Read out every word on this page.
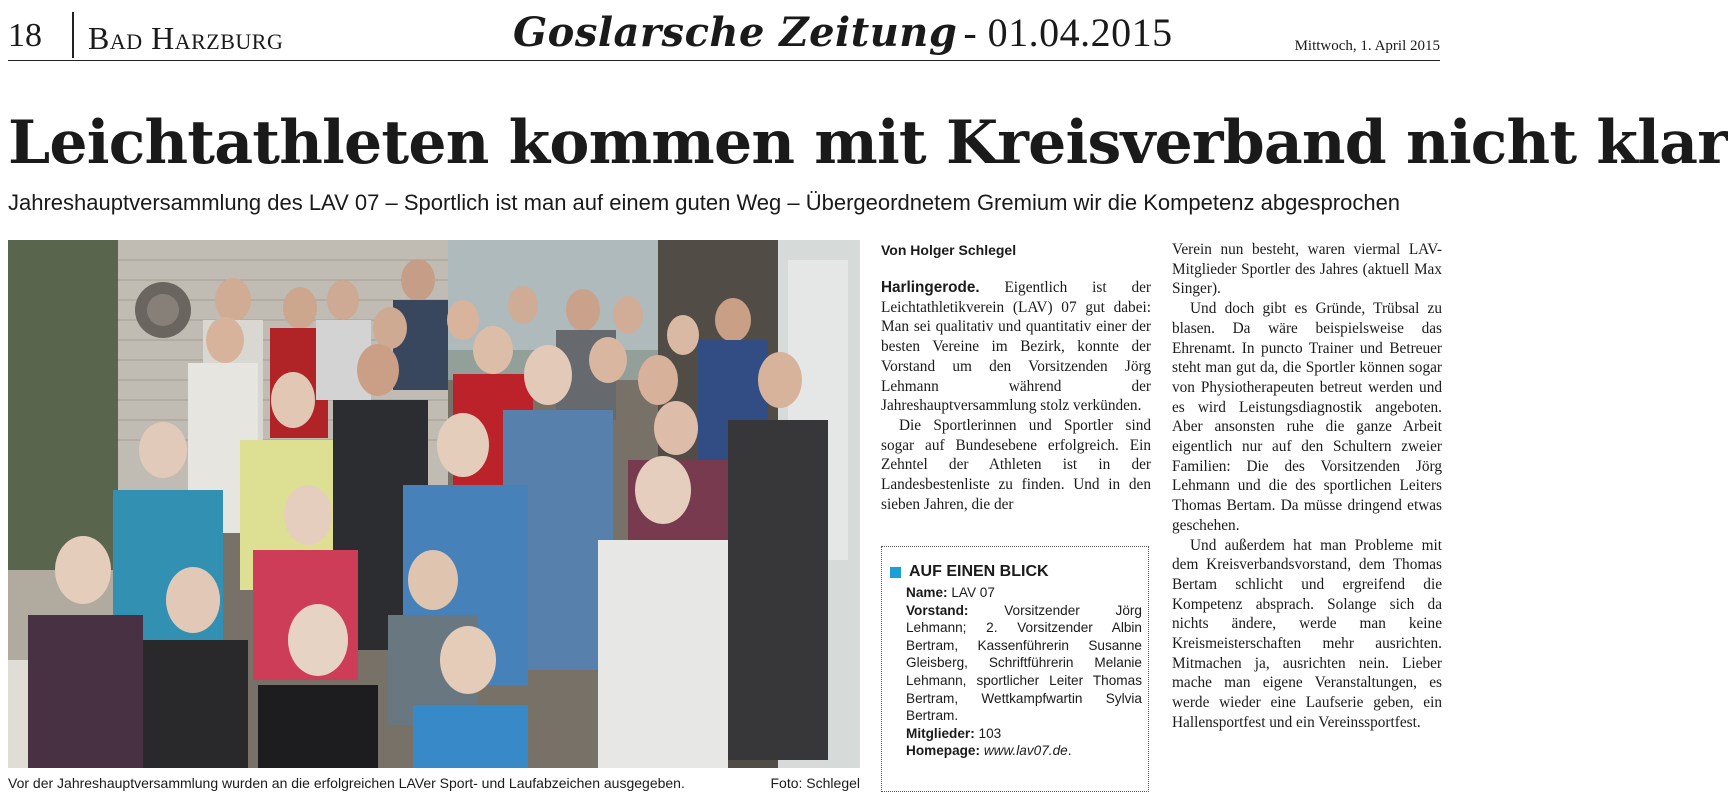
18 Bad Harzburg	Goslarsche Zeitung - 01.04.2015	Mittwoch, 1. April 2015
Leichtathleten kommen mit Kreisverband nicht klar
Jahreshauptversammlung des LAV 07 – Sportlich ist man auf einem guten Weg – Übergeordnetem Gremium wir die Kompetenz abgesprochen
Vor der Jahreshauptversammlung wurden an die erfolgreichen LAVer Sport- und Laufabzeichen ausgegeben.	Foto: Schlegel
Von Holger Schlegel

Harlingerode. Eigentlich ist der Leichtathletikverein (LAV) 07 gut dabei: Man sei qualitativ und quantitativ einer der besten Vereine im Bezirk, konnte der Vorstand um den Vorsitzenden Jörg Lehmann während der Jahreshauptversammlung stolz verkünden.

Die Sportlerinnen und Sportler sind sogar auf Bundesebene erfolgreich. Ein Zehntel der Athleten ist in der Landesbestenliste zu finden. Und in den sieben Jahren, die der

AUF EINEN BLICK

Name: LAV 07

Vorstand:	Vorsitzender Jörg Lehmann; 2. Vorsitzender Albin Bertram, Kassenführerin Susanne Gleisberg, Schriftführerin Melanie Lehmann, sportlicher Leiter Thomas Bertram, Wettkampfwartin Sylvia Bertram.

Mitglieder: 103

Homepage: www.lav07.de.

Verein nun besteht, waren viermal LAV-Mitglieder Sportler des Jahres (aktuell Max Singer).

Und doch gibt es Gründe, Trübsal zu blasen. Da wäre beispielsweise das Ehrenamt. In puncto Trainer und Betreuer steht man gut da, die Sportler können sogar von Physiotherapeuten betreut werden und es wird Leistungsdiagnostik angeboten. Aber ansonsten ruhe die ganze Arbeit eigentlich nur auf den Schultern zweier Familien: Die des Vorsitzenden Jörg Lehmann und die des sportlichen Leiters Thomas Bertam. Da müsse dringend etwas geschehen.

Und außerdem hat man Probleme mit dem Kreisverbandsvorstand, dem Thomas Bertam schlicht und ergreifend die Kompetenz absprach. Solange sich da nichts ändere, werde man keine Kreismeisterschaften mehr ausrichten. Mitmachen ja, ausrichten nein. Lieber mache man eigene Veranstaltungen, es werde wieder eine Laufserie geben, ein Hallensportfest und ein Vereinssportfest.
